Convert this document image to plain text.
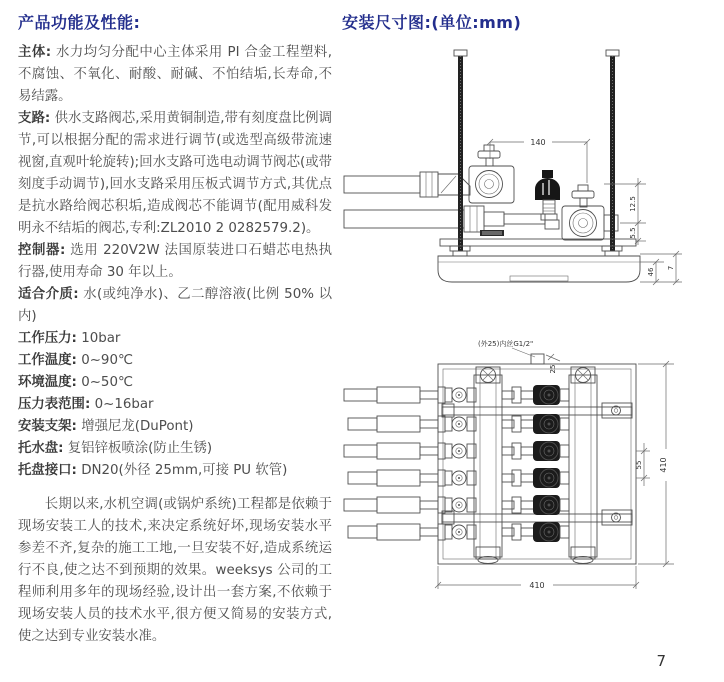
产品功能及性能:

主体: 水力均匀分配中心主体采用 PI 合金工程塑料,不腐蚀、不氧化、耐酸、耐碱、不怕结垢,长寿命,不易结露。

支路: 供水支路阀芯,采用黄铜制造,带有刻度盘比例调节,可以根据分配的需求进行调节(或选型高级带流速视窗,直观叶轮旋转);回水支路可选电动调节阀芯(或带刻度手动调节),回水支路采用压板式调节方式,其优点是抗水路给阀芯积垢,造成阀芯不能调节(配用威科发明永不结垢的阀芯,专利:ZL2010 2 0282579.2)。

控制器: 选用 220V2W 法国原装进口石蜡芯电热执行器,使用寿命 30 年以上。

适合介质: 水(或纯净水)、乙二醇溶液(比例 50% 以内)

工作压力: 10bar

工作温度: 0~90℃

环境温度: 0~50℃

压力表范围: 0~16bar

安装支架: 增强尼龙(DuPont)

托水盘: 复铝锌板喷涂(防止生锈)

托盘接口: DN20(外径 25mm,可接 PU 软管)

长期以来,水机空调(或锅炉系统)工程都是依赖于现场安装工人的技术,来决定系统好坏,现场安装水平参差不齐,复杂的施工工地,一旦安装不好,造成系统运行不良,使之达不到预期的效果。weeksys 公司的工程师利用多年的现场经验,设计出一套方案,不依赖于现场安装人员的技术水平,很方便又简易的安装方式,使之达到专业安装水准。

安装尺寸图:(单位:mm)
140
12.5
5.5
46 7
(外25)内丝G1/2"
25
55 410
410
7
